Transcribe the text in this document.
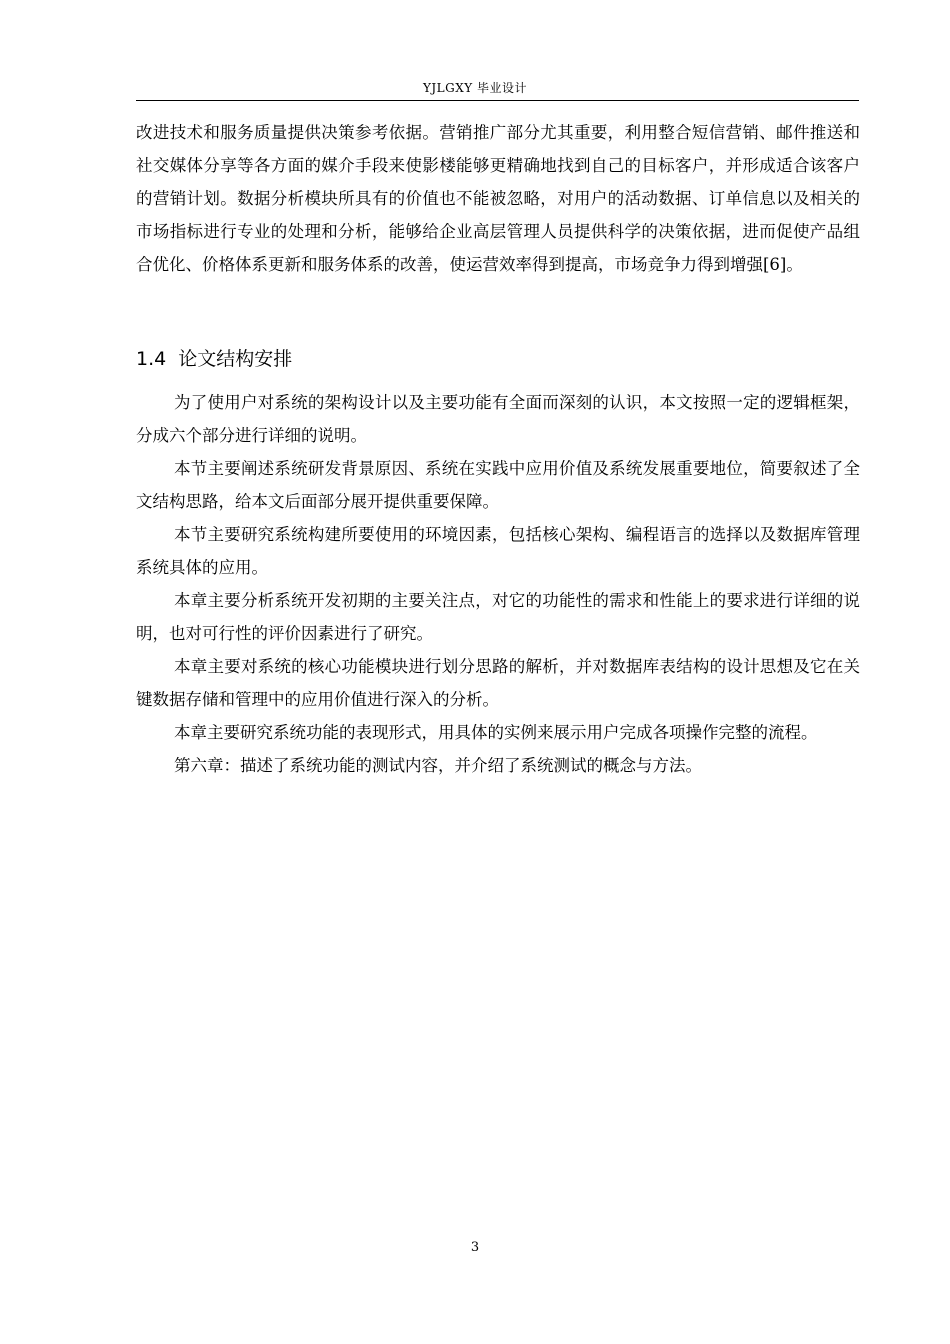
YJLGXY 毕业设计

改进技术和服务质量提供决策参考依据。营销推广部分尤其重要，利用整合短信营销、邮件推送和社交媒体分享等各方面的媒介手段来使影楼能够更精确地找到自己的目标客户，并形成适合该客户的营销计划。数据分析模块所具有的价值也不能被忽略，对用户的活动数据、订单信息以及相关的市场指标进行专业的处理和分析，能够给企业高层管理人员提供科学的决策依据，进而促使产品组合优化、价格体系更新和服务体系的改善，使运营效率得到提高，市场竞争力得到增强[6]。

1.4 论文结构安排

为了使用户对系统的架构设计以及主要功能有全面而深刻的认识，本文按照一定的逻辑框架，分成六个部分进行详细的说明。

本节主要阐述系统研发背景原因、系统在实践中应用价值及系统发展重要地位，简要叙述了全文结构思路，给本文后面部分展开提供重要保障。

本节主要研究系统构建所要使用的环境因素，包括核心架构、编程语言的选择以及数据库管理系统具体的应用。

本章主要分析系统开发初期的主要关注点，对它的功能性的需求和性能上的要求进行详细的说明，也对可行性的评价因素进行了研究。

本章主要对系统的核心功能模块进行划分思路的解析，并对数据库表结构的设计思想及它在关键数据存储和管理中的应用价值进行深入的分析。

本章主要研究系统功能的表现形式，用具体的实例来展示用户完成各项操作完整的流程。

第六章：描述了系统功能的测试内容，并介绍了系统测试的概念与方法。

3
